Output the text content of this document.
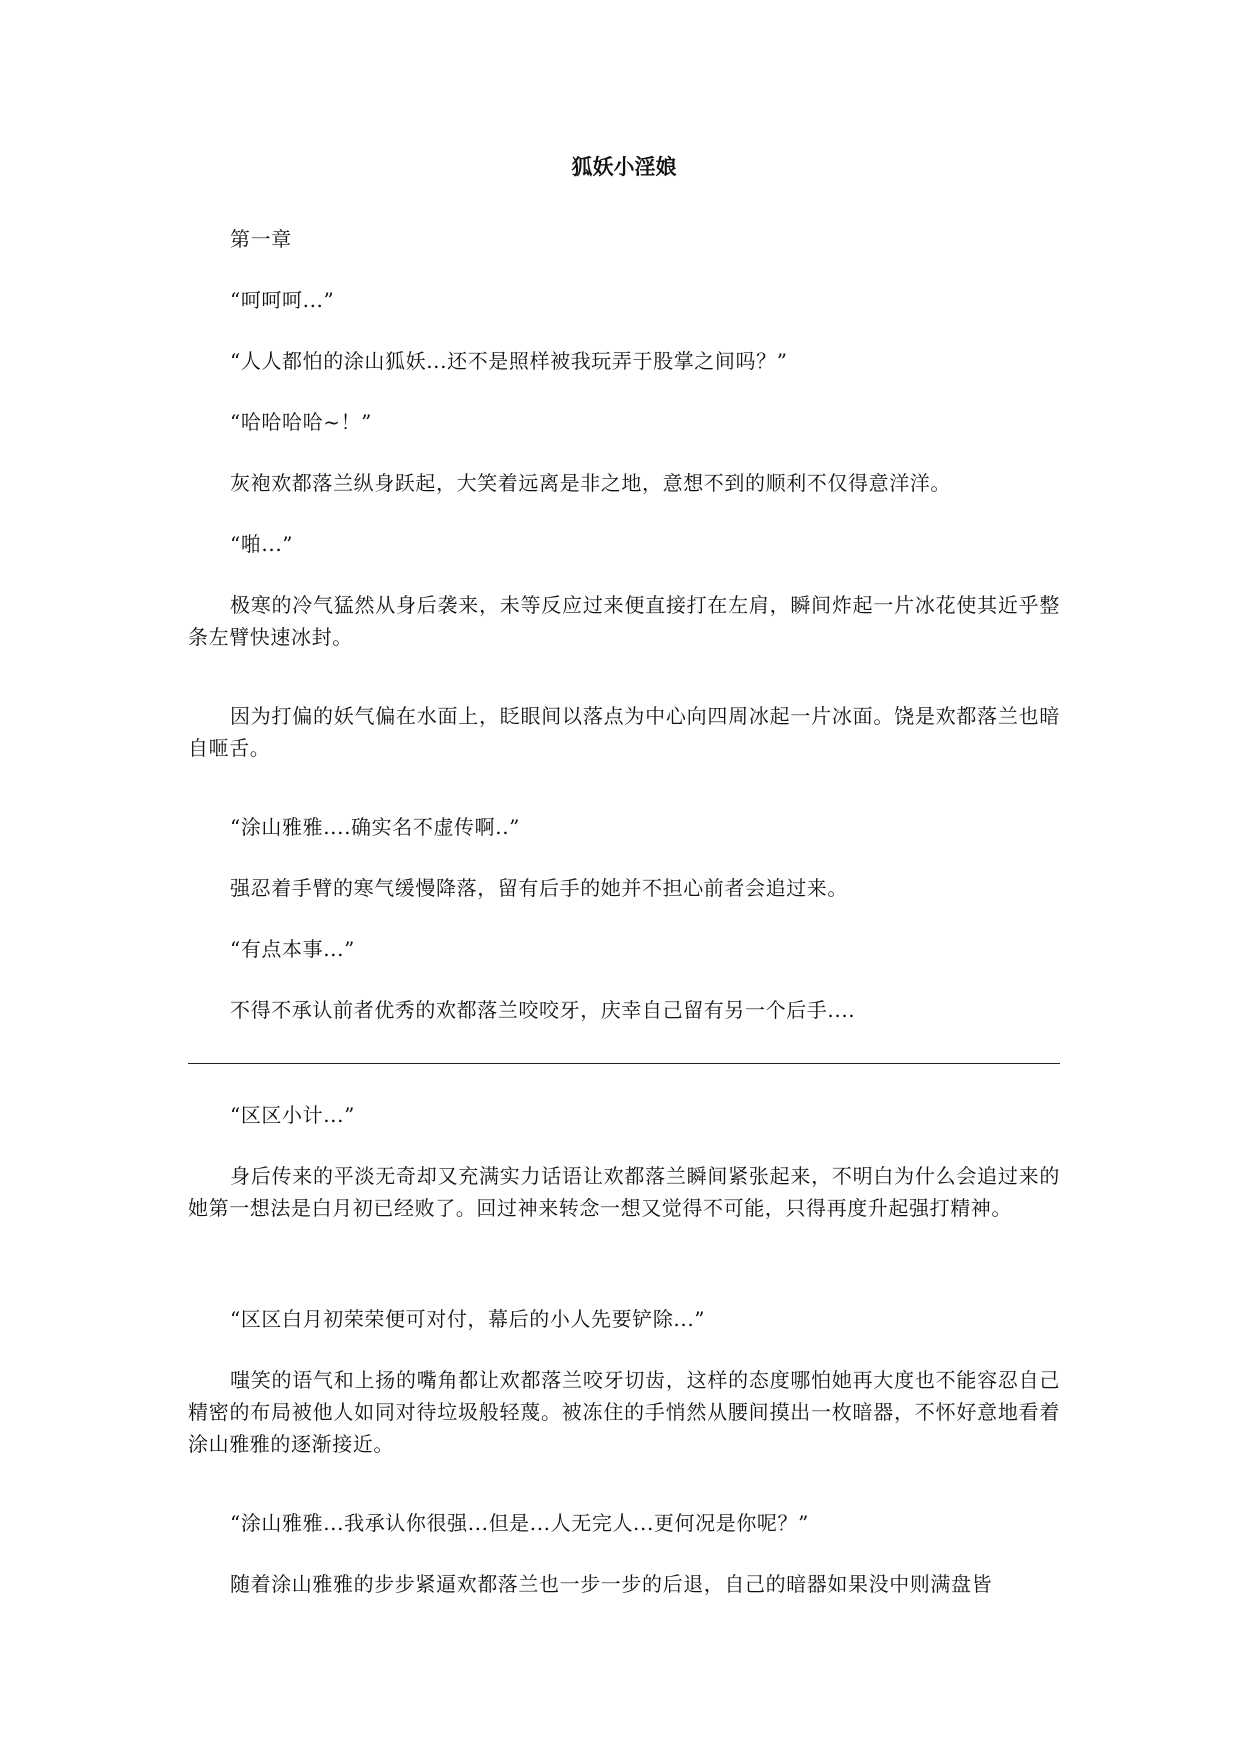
狐妖小淫娘

第一章

“呵呵呵...”

“人人都怕的涂山狐妖...还不是照样被我玩弄于股掌之间吗？”

“哈哈哈哈~！”

灰袍欢都落兰纵身跃起，大笑着远离是非之地，意想不到的顺利不仅得意洋洋。

“啪...”

极寒的冷气猛然从身后袭来，未等反应过来便直接打在左肩，瞬间炸起一片冰花使其近乎整条左臂快速冰封。

因为打偏的妖气偏在水面上，眨眼间以落点为中心向四周冰起一片冰面。饶是欢都落兰也暗自咂舌。

“涂山雅雅....确实名不虚传啊..”

强忍着手臂的寒气缓慢降落，留有后手的她并不担心前者会追过来。

“有点本事...”

不得不承认前者优秀的欢都落兰咬咬牙，庆幸自己留有另一个后手....

“区区小计...”

身后传来的平淡无奇却又充满实力话语让欢都落兰瞬间紧张起来，不明白为什么会追过来的她第一想法是白月初已经败了。回过神来转念一想又觉得不可能，只得再度升起强打精神。

“区区白月初荣荣便可对付，幕后的小人先要铲除...”

嗤笑的语气和上扬的嘴角都让欢都落兰咬牙切齿，这样的态度哪怕她再大度也不能容忍自己精密的布局被他人如同对待垃圾般轻蔑。被冻住的手悄然从腰间摸出一枚暗器，不怀好意地看着涂山雅雅的逐渐接近。

“涂山雅雅...我承认你很强...但是...人无完人...更何况是你呢？”

随着涂山雅雅的步步紧逼欢都落兰也一步一步的后退，自己的暗器如果没中则满盘皆
